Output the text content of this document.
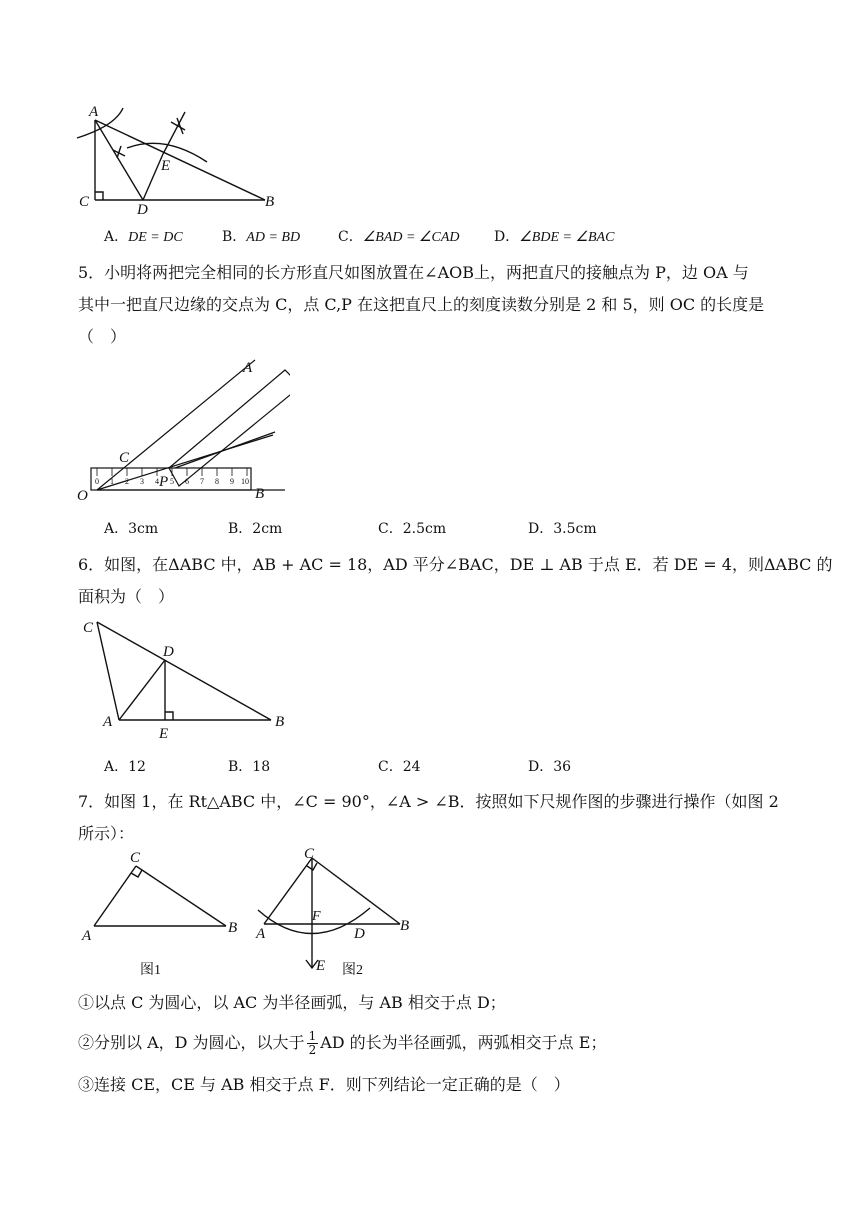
A
C	D
E
B
A．DE = DC	B．AD = BD	C．∠BAD = ∠CAD D．∠BDE = ∠BAC
5．小明将两把完全相同的长方形直尺如图放置在∠AOB上，两把直尺的接触点为 P，边 OA 与
其中一把直尺边缘的交点为 C，点 C,P 在这把直尺上的刻度读数分别是 2 和 5，则 OC 的长度是
（　）
0 1 2 3 4 5 6 7 8 9 10
A
C
P
O	B
A．3cm	B．2cm	C．2.5cm	D．3.5cm
6．如图，在ΔABC 中，AB + AC = 18，AD 平分∠BAC，DE ⊥ AB 于点 E．若 DE = 4，则ΔABC 的
面积为（　）
C
D
A
E
B
A．12	B．18	C．24	D．36
7．如图 1，在 Rt△ABC 中，∠C = 90°，∠A > ∠B．按照如下尺规作图的步骤进行操作（如图 2
所示）：
C
A	B
图1
C
F
A	D B
E 图2
①以点 C 为圆心，以 AC 为半径画弧，与 AB 相交于点 D；
②分别以 A，D 为圆心，以大于 $\frac{1}{2}$ AD 的长为半径画弧，两弧相交于点 E；
③连接 CE，CE 与 AB 相交于点 F．则下列结论一定正确的是（　）
